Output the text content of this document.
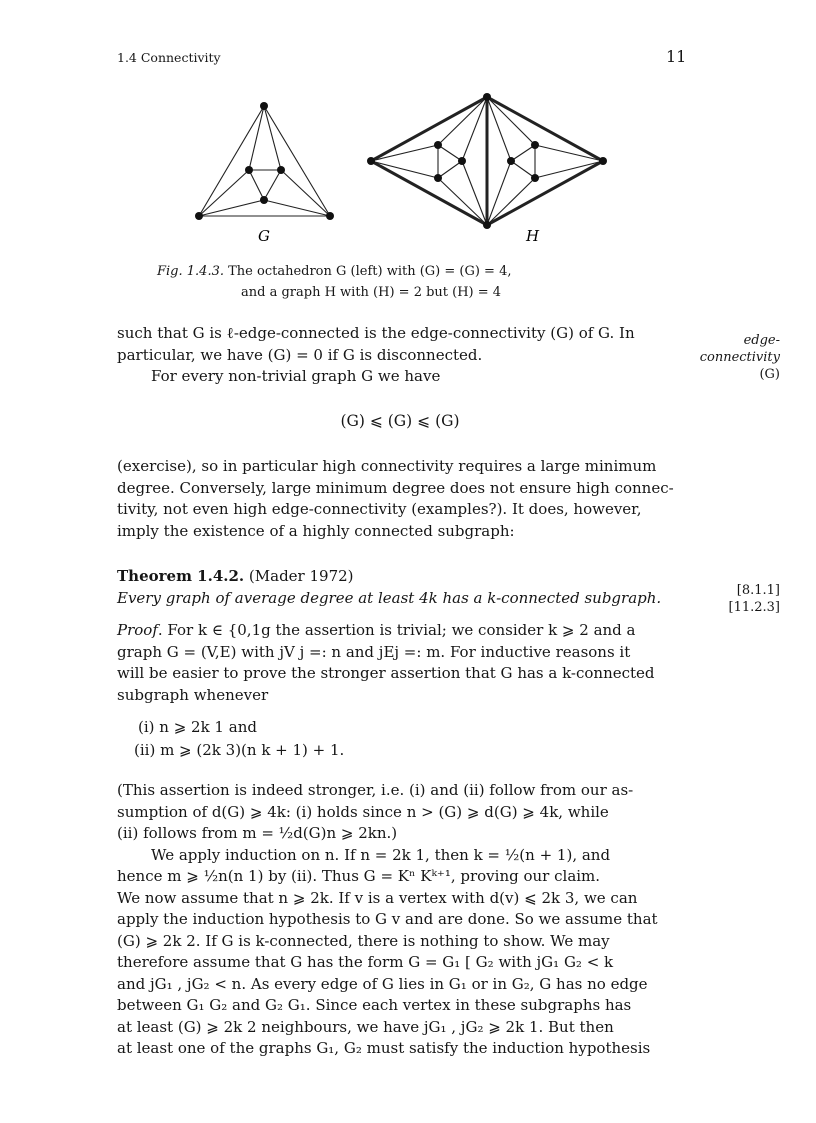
1.4 Connectivity	11
G	H
Fig. 1.4.3. The octahedron G (left) with (G) = (G) = 4,
and a graph H with (H) = 2 but (H) = 4

such that G is ℓ-edge-connected is the edge-connectivity (G) of G. In

particular, we have (G) = 0 if G is disconnected.

For every non-trivial graph G we have

edge-
connectivity
(G)
(G) ⩽ (G) ⩽ (G)

(exercise), so in particular high connectivity requires a large minimum

degree. Conversely, large minimum degree does not ensure high connec-

tivity, not even high edge-connectivity (examples?). It does, however,

imply the existence of a highly connected subgraph:

Theorem 1.4.2. (Mader 1972)

Every graph of average degree at least 4k has a k-connected subgraph.	[8.1.1]
[11.2.3]

Proof. For k ∈ {0,1g the assertion is trivial; we consider k ⩾ 2 and a

graph G = (V,E) with jV j =: n and jEj =: m. For inductive reasons it

will be easier to prove the stronger assertion that G has a k-connected

subgraph whenever

(i) n ⩾ 2k 1 and
(ii) m ⩾ (2k 3)(n k + 1) + 1.

(This assertion is indeed stronger, i.e. (i) and (ii) follow from our as-

sumption of d(G) ⩾ 4k: (i) holds since n > (G) ⩾ d(G) ⩾ 4k, while

(ii) follows from m = ½d(G)n ⩾ 2kn.)

We apply induction on n. If n = 2k 1, then k = ½(n + 1), and

hence m ⩾ ½n(n 1) by (ii). Thus G = Kⁿ Kᵏ⁺¹, proving our claim.

We now assume that n ⩾ 2k. If v is a vertex with d(v) ⩽ 2k 3, we can

apply the induction hypothesis to G v and are done. So we assume that

(G) ⩾ 2k 2. If G is k-connected, there is nothing to show. We may

therefore assume that G has the form G = G₁ [ G₂ with jG₁ G₂ < k

and jG₁ , jG₂ < n. As every edge of G lies in G₁ or in G₂, G has no edge

between G₁ G₂ and G₂ G₁. Since each vertex in these subgraphs has

at least (G) ⩾ 2k 2 neighbours, we have jG₁ , jG₂ ⩾ 2k 1. But then

at least one of the graphs G₁, G₂ must satisfy the induction hypothesis
